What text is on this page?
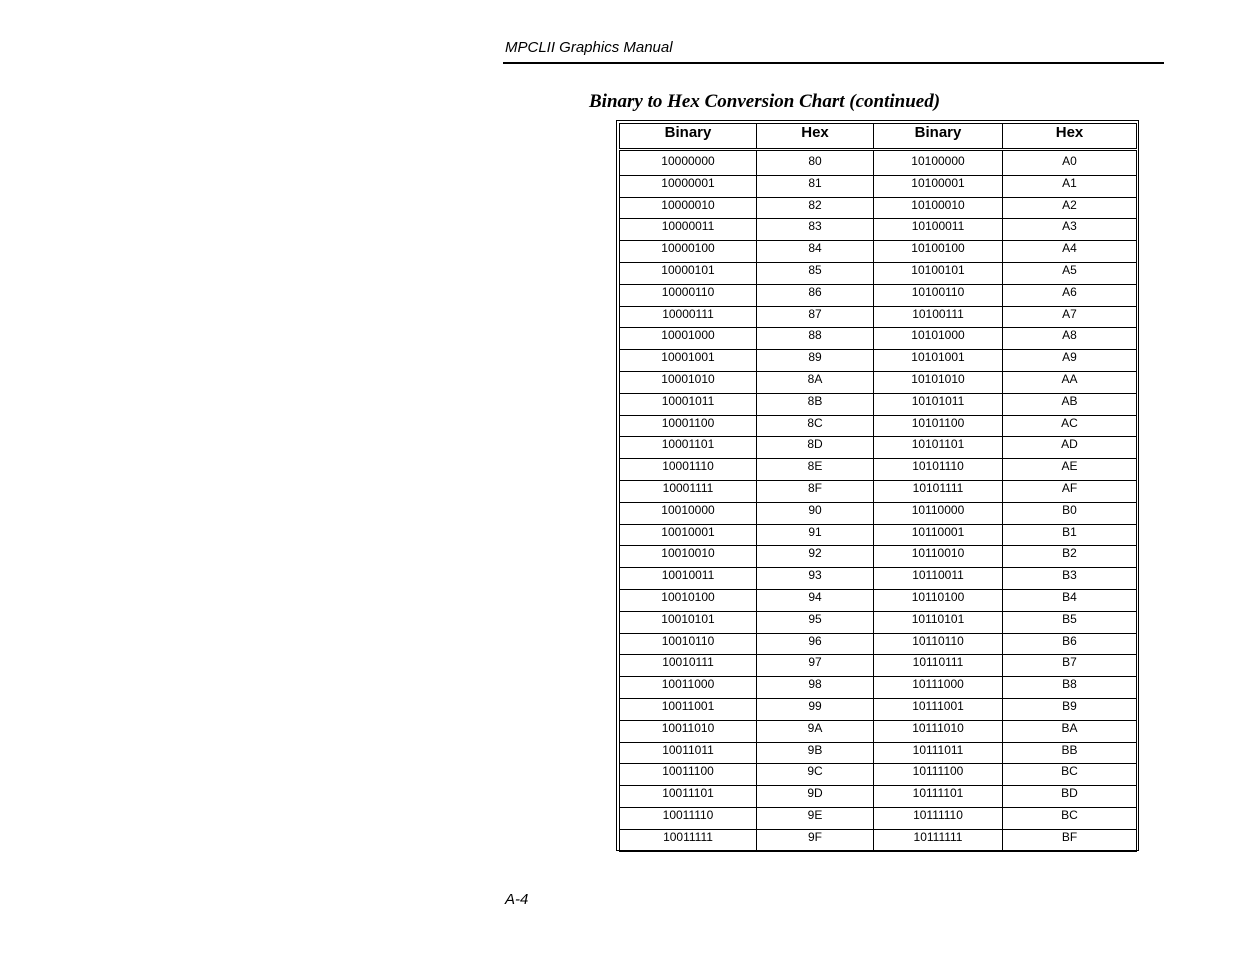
MPCLII Graphics Manual
Binary to Hex Conversion Chart (continued)
Binary	Hex	Binary	Hex
10000000	80	10100000	A0
10000001	81	10100001	A1
10000010	82	10100010	A2
10000011	83	10100011	A3
10000100	84	10100100	A4
10000101	85	10100101	A5
10000110	86	10100110	A6
10000111	87	10100111	A7
10001000	88	10101000	A8
10001001	89	10101001	A9
10001010	8A	10101010	AA
10001011	8B	10101011	AB
10001100	8C	10101100	AC
10001101	8D	10101101	AD
10001110	8E	10101110	AE
10001111	8F	10101111	AF
10010000	90	10110000	B0
10010001	91	10110001	B1
10010010	92	10110010	B2
10010011	93	10110011	B3
10010100	94	10110100	B4
10010101	95	10110101	B5
10010110	96	10110110	B6
10010111	97	10110111	B7
10011000	98	10111000	B8
10011001	99	10111001	B9
10011010	9A	10111010	BA
10011011	9B	10111011	BB
10011100	9C	10111100	BC
10011101	9D	10111101	BD
10011110	9E	10111110	BC
10011111	9F	10111111	BF
A-4
